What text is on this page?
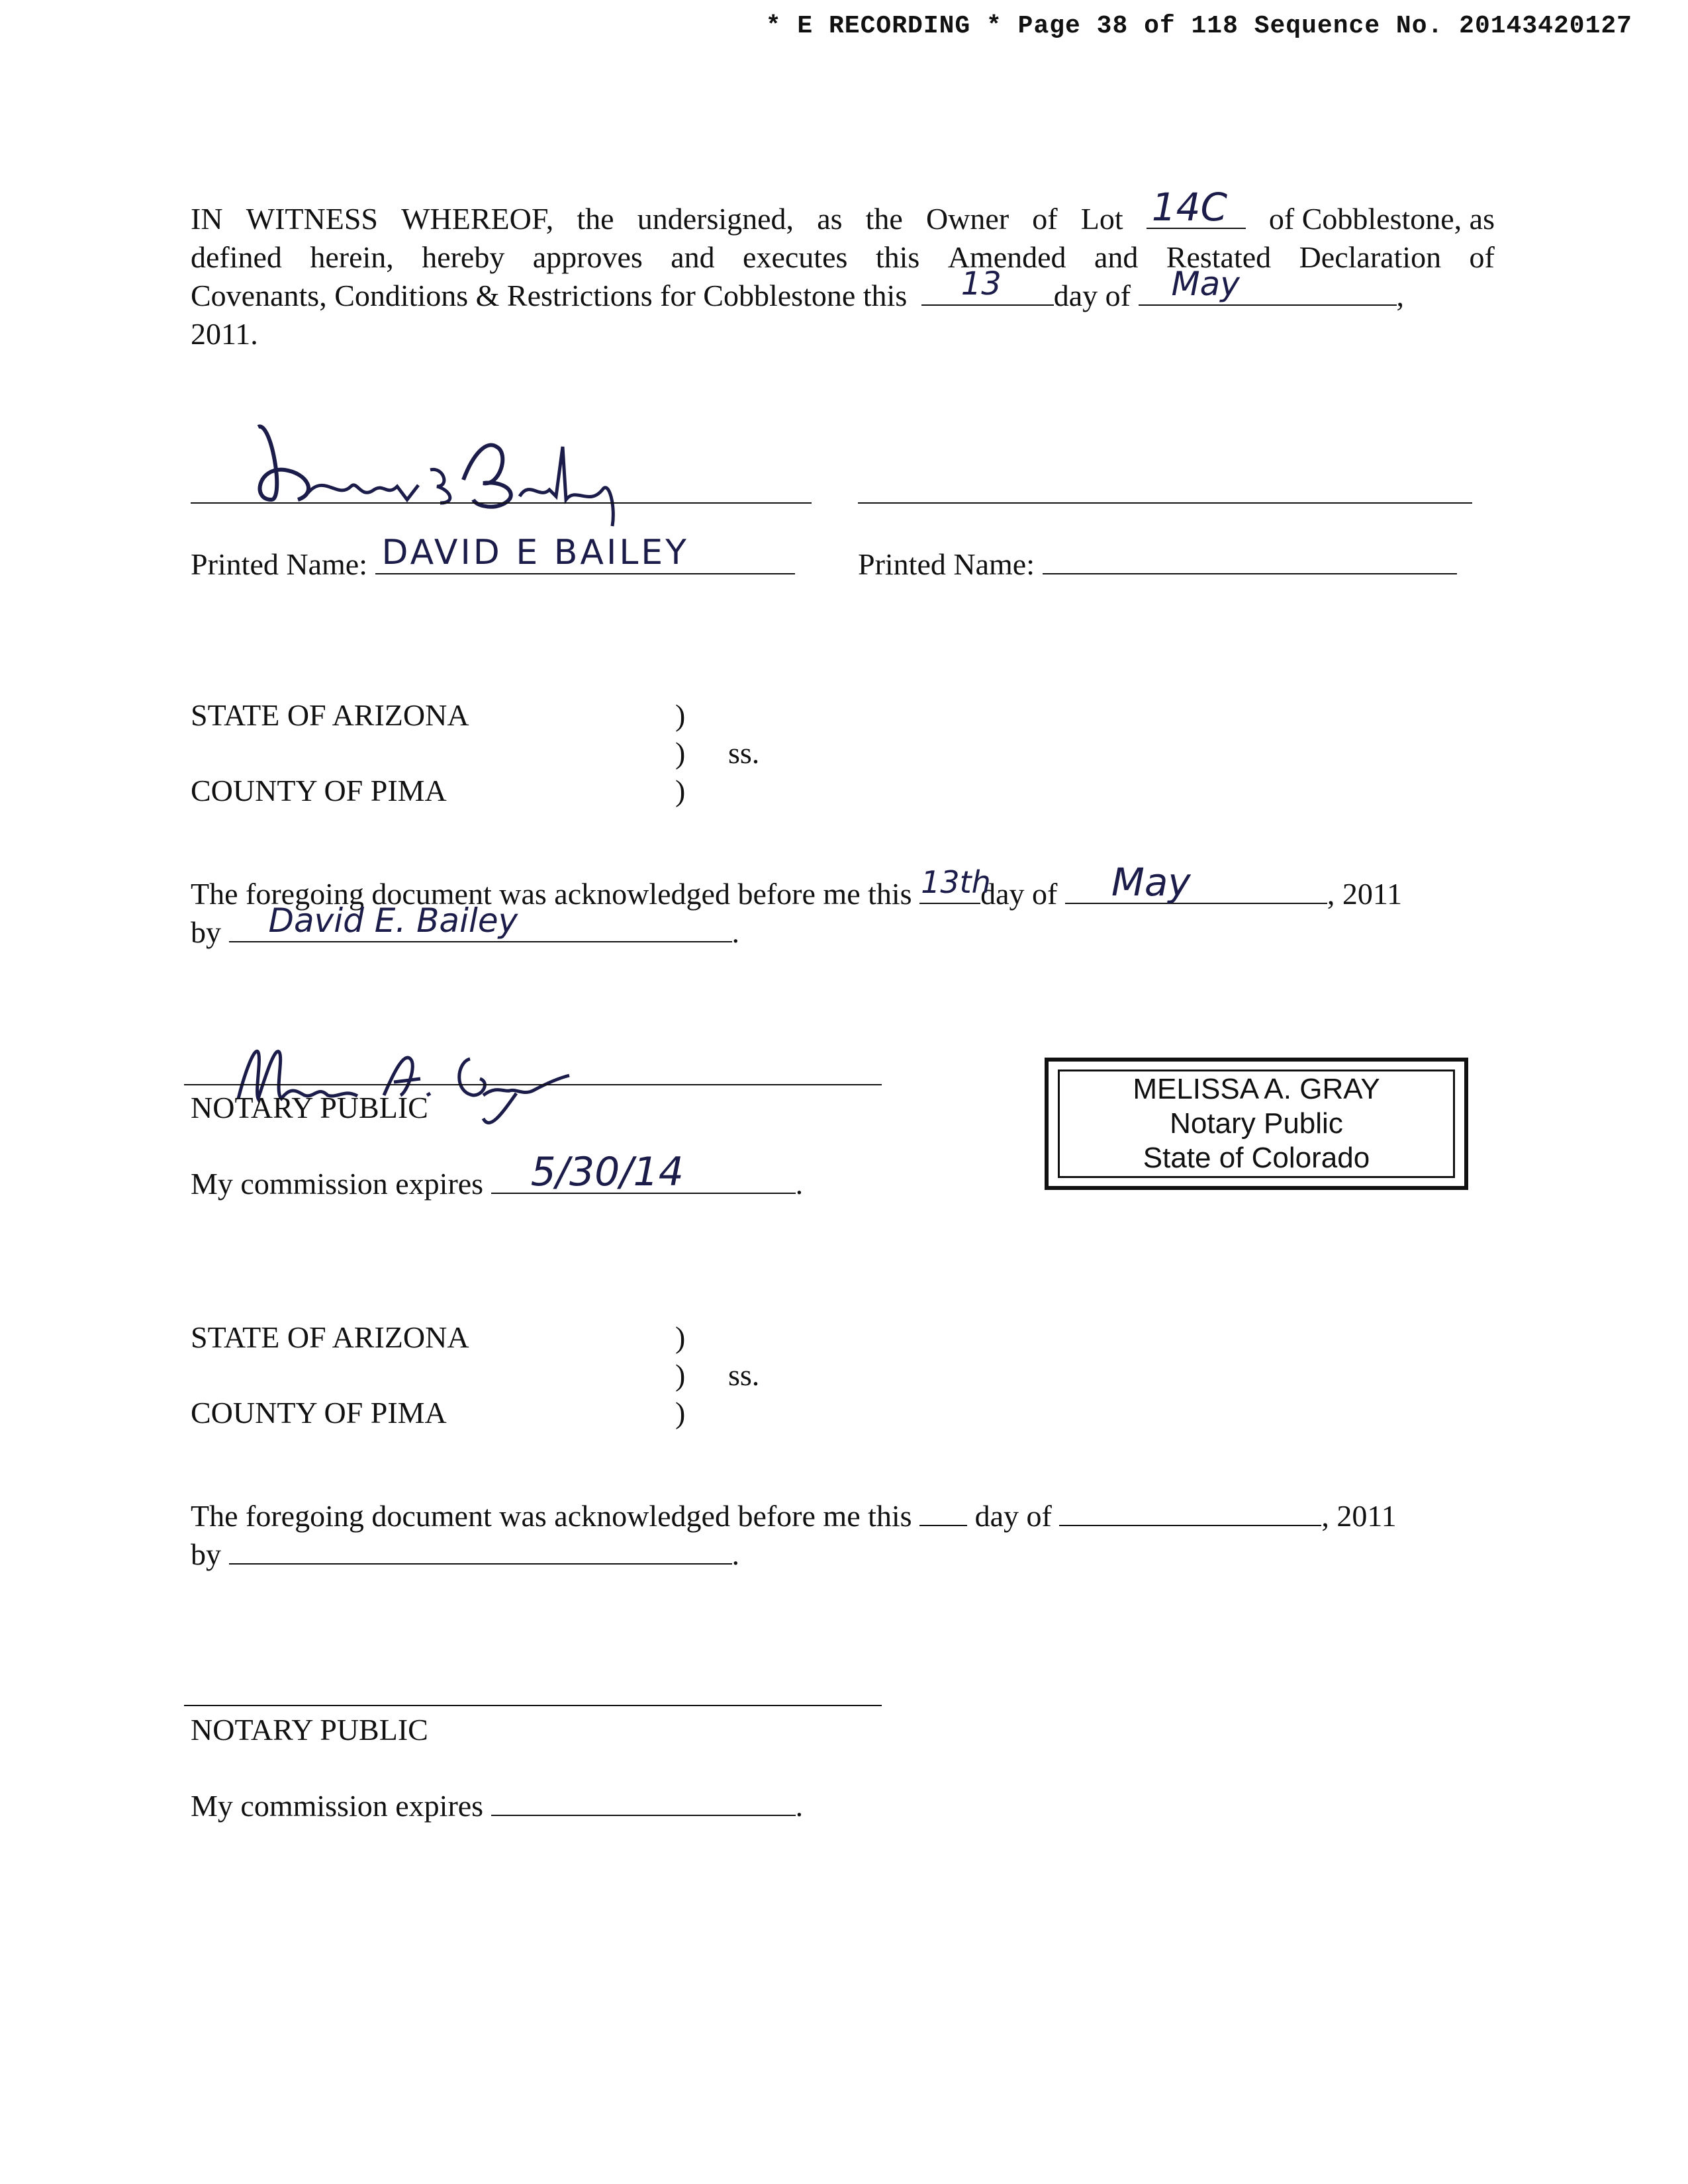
* E RECORDING * Page 38 of 118 Sequence No. 20143420127
IN WITNESS WHEREOF, the undersigned, as the Owner of Lot 14C of Cobblestone, as
defined herein, hereby approves and executes this Amended and Restated Declaration of
Covenants, Conditions & Restrictions for Cobblestone this 13 day of May	,
2011.
Printed Name: DAVID E BAILEY	Printed Name:
STATE OF ARIZONA
COUNTY OF PIMA
)
)
)
ss.
The foregoing document was acknowledged before me this 13th
day of May	, 2011
by David E. Bailey	.
NOTARY PUBLIC
My commission expires 5/30/14	.
MELISSA A. GRAY
Notary Public
State of Colorado
STATE OF ARIZONA
COUNTY OF PIMA
)
)
)
ss.
The foregoing document was acknowledged before me this day of	, 2011
by	.
NOTARY PUBLIC
My commission expires	.
